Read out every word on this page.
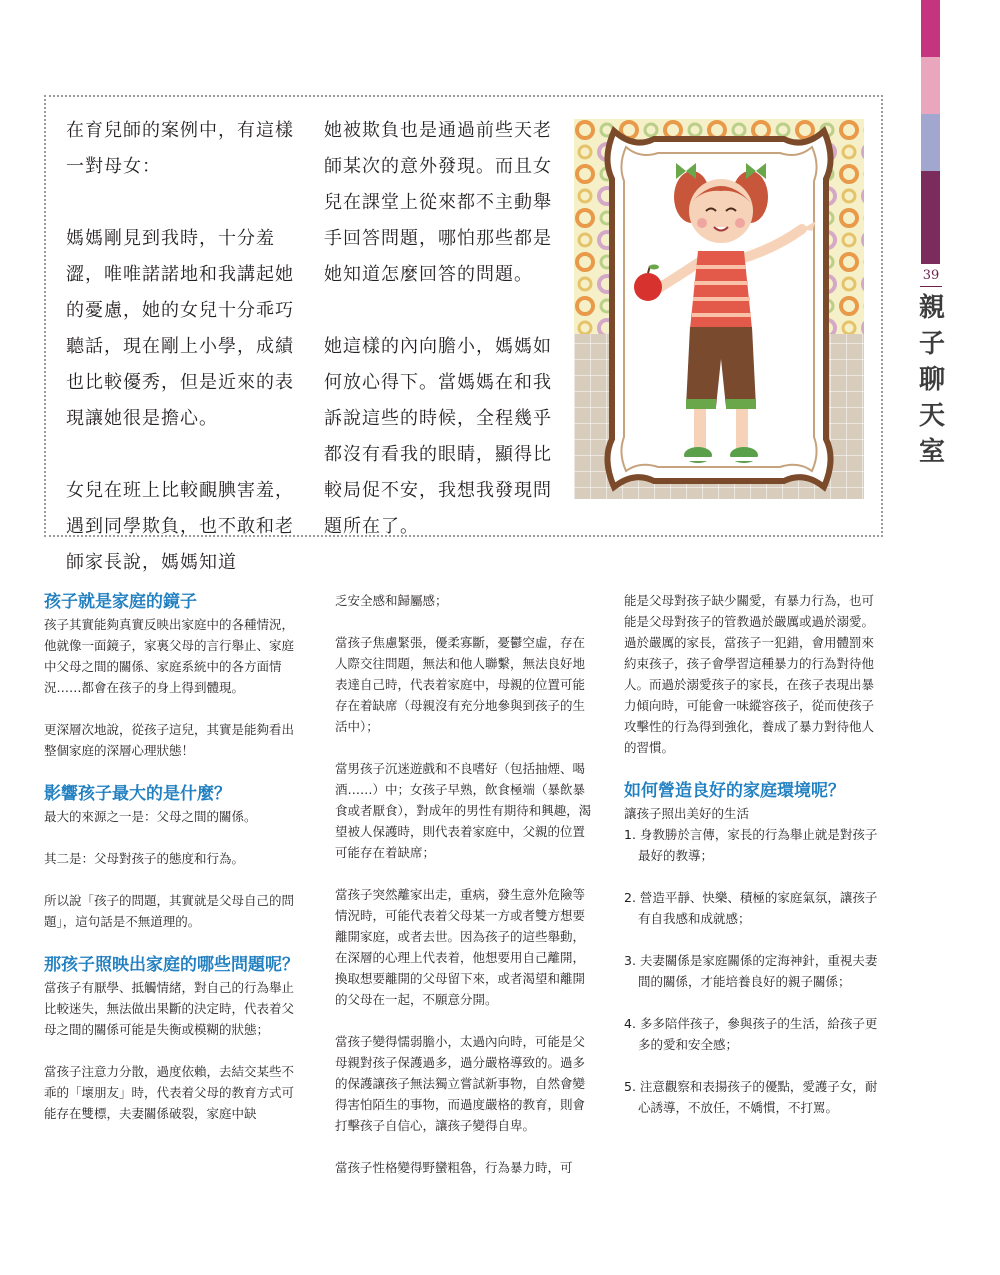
39
親子聊天室

在育兒師的案例中，有這樣一對母女：

媽媽剛見到我時，十分羞澀，唯唯諾諾地和我講起她的憂慮，她的女兒十分乖巧聽話，現在剛上小學，成績也比較優秀，但是近來的表現讓她很是擔心。

女兒在班上比較靦腆害羞，遇到同學欺負，也不敢和老師家長說，媽媽知道

她被欺負也是通過前些天老師某次的意外發現。而且女兒在課堂上從來都不主動舉手回答問題，哪怕那些都是她知道怎麼回答的問題。

她這樣的內向膽小，媽媽如何放心得下。當媽媽在和我訴說這些的時候，全程幾乎都沒有看我的眼睛，顯得比較局促不安，我想我發現問題所在了。

孩子就是家庭的鏡子

孩子其實能夠真實反映出家庭中的各種情況，他就像一面鏡子，家裏父母的言行舉止、家庭中父母之間的關係、家庭系統中的各方面情況……都會在孩子的身上得到體現。

更深層次地說，從孩子這兒，其實是能夠看出整個家庭的深層心理狀態！

影響孩子最大的是什麼？

最大的來源之一是：父母之間的關係。

其二是：父母對孩子的態度和行為。

所以說「孩子的問題，其實就是父母自己的問題」，這句話是不無道理的。

那孩子照映出家庭的哪些問題呢？

當孩子有厭學、抵觸情緒，對自己的行為舉止比較迷失，無法做出果斷的決定時，代表着父母之間的關係可能是失衡或模糊的狀態；

當孩子注意力分散，過度依賴，去結交某些不乖的「壞朋友」時，代表着父母的教育方式可能存在雙標，夫妻關係破裂，家庭中缺

乏安全感和歸屬感；

當孩子焦慮緊張，優柔寡斷，憂鬱空虛，存在人際交往問題，無法和他人聯繫，無法良好地表達自己時，代表着家庭中，母親的位置可能存在着缺席（母親沒有充分地參與到孩子的生活中）；

當男孩子沉迷遊戲和不良嗜好（包括抽煙、喝酒……）中；女孩子早熟，飲食極端（暴飲暴食或者厭食），對成年的男性有期待和興趣，渴望被人保護時，則代表着家庭中，父親的位置可能存在着缺席；

當孩子突然離家出走，重病，發生意外危險等情況時，可能代表着父母某一方或者雙方想要離開家庭，或者去世。因為孩子的這些舉動，在深層的心理上代表着，他想要用自己離開，換取想要離開的父母留下來，或者渴望和離開的父母在一起，不願意分開。

當孩子變得懦弱膽小，太過內向時，可能是父母親對孩子保護過多，過分嚴格導致的。過多的保護讓孩子無法獨立嘗試新事物，自然會變得害怕陌生的事物，而過度嚴格的教育，則會打擊孩子自信心，讓孩子變得自卑。

當孩子性格變得野蠻粗魯，行為暴力時，可

能是父母對孩子缺少關愛，有暴力行為，也可能是父母對孩子的管教過於嚴厲或過於溺愛。過於嚴厲的家長，當孩子一犯錯，會用體罰來約束孩子，孩子會學習這種暴力的行為對待他人。而過於溺愛孩子的家長，在孩子表現出暴力傾向時，可能會一味縱容孩子，從而使孩子攻擊性的行為得到強化，養成了暴力對待他人的習慣。

如何營造良好的家庭環境呢？
讓孩子照出美好的生活
1. 身教勝於言傳，家長的行為舉止就是對孩子最好的教導；
2. 營造平靜、快樂、積極的家庭氣氛，讓孩子有自我感和成就感；
3. 夫妻關係是家庭關係的定海神針，重視夫妻間的關係，才能培養良好的親子關係；
4. 多多陪伴孩子，參與孩子的生活，給孩子更多的愛和安全感；
5. 注意觀察和表揚孩子的優點，愛護子女，耐心誘導，不放任，不嬌慣，不打罵。
